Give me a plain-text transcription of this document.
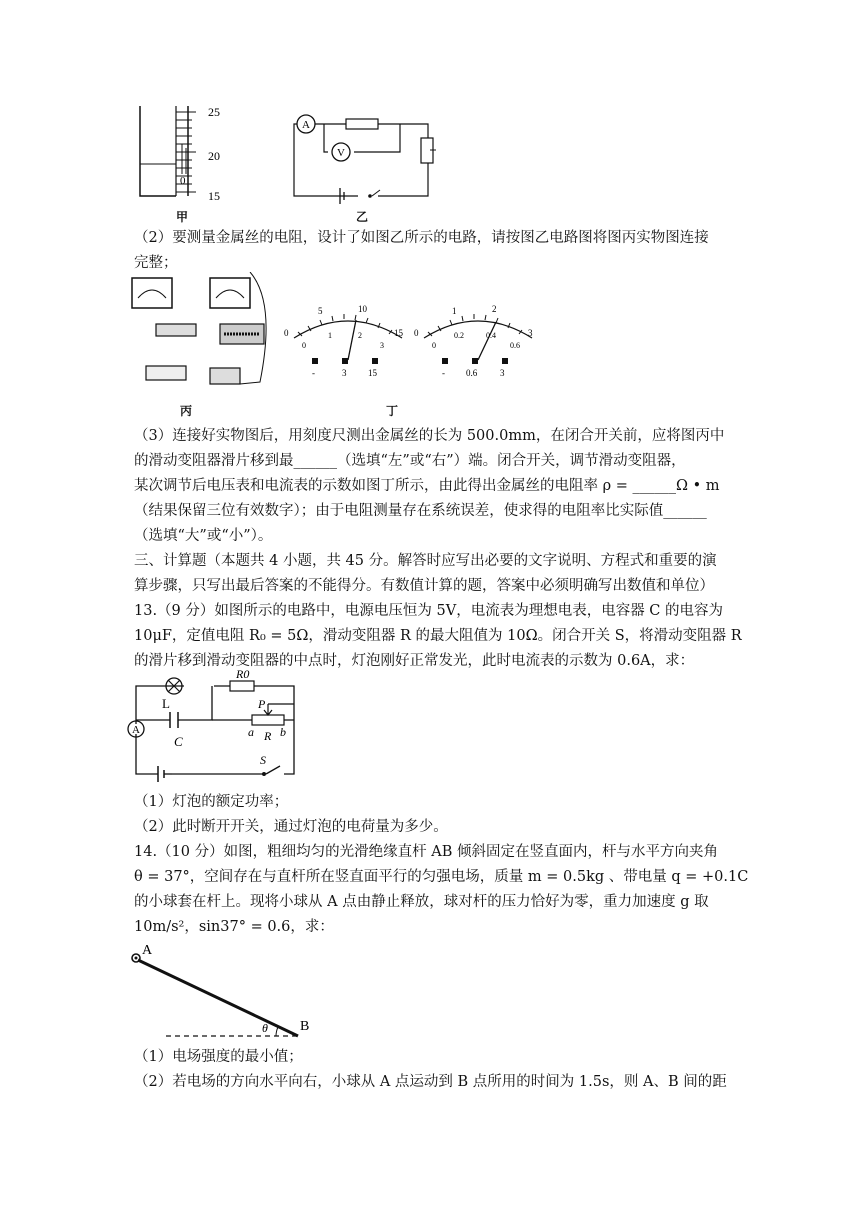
25
20
15
0
甲
A
V
乙
（2）要测量金属丝的电阻，设计了如图乙所示的电路，请按图乙电路图将图丙实物图连接
完整；
丙
0
5	10
15
0
1	2
3
-	3 15
0
1	2
3
0
0.2	0.4
0.6
- 0.6	3
丁
（3）连接好实物图后，用刻度尺测出金属丝的长为 500.0mm，在闭合开关前，应将图丙中
的滑动变阻器滑片移到最______（选填“左”或“右”）端。闭合开关，调节滑动变阻器，
某次调节后电压表和电流表的示数如图丁所示，由此得出金属丝的电阻率 ρ = ______Ω • m
（结果保留三位有效数字）；由于电阻测量存在系统误差，使求得的电阻率比实际值______
（选填“大”或“小”）。
三、计算题（本题共 4 小题，共 45 分。解答时应写出必要的文字说明、方程式和重要的演
算步骤，只写出最后答案的不能得分。有数值计算的题，答案中必须明确写出数值和单位）
13.（9 分）如图所示的电路中，电源电压恒为 5V，电流表为理想电表，电容器 C 的电容为
10μF，定值电阻 R₀ = 5Ω，滑动变阻器 R 的最大阻值为 10Ω。闭合开关 S，将滑动变阻器 R
的滑片移到滑动变阻器的中点时，灯泡刚好正常发光，此时电流表的示数为 0.6A，求：
L
R0
C
P
a R b
A
S
（1）灯泡的额定功率；
（2）此时断开开关，通过灯泡的电荷量为多少。
14.（10 分）如图，粗细均匀的光滑绝缘直杆 AB 倾斜固定在竖直面内，杆与水平方向夹角
θ = 37°，空间存在与直杆所在竖直面平行的匀强电场，质量 m = 0.5kg 、带电量 q = +0.1C
的小球套在杆上。现将小球从 A 点由静止释放，球对杆的压力恰好为零，重力加速度 g 取
10m/s²，sin37° = 0.6，求：
A
θ B
（1）电场强度的最小值；
（2）若电场的方向水平向右，小球从 A 点运动到 B 点所用的时间为 1.5s，则 A、B 间的距
